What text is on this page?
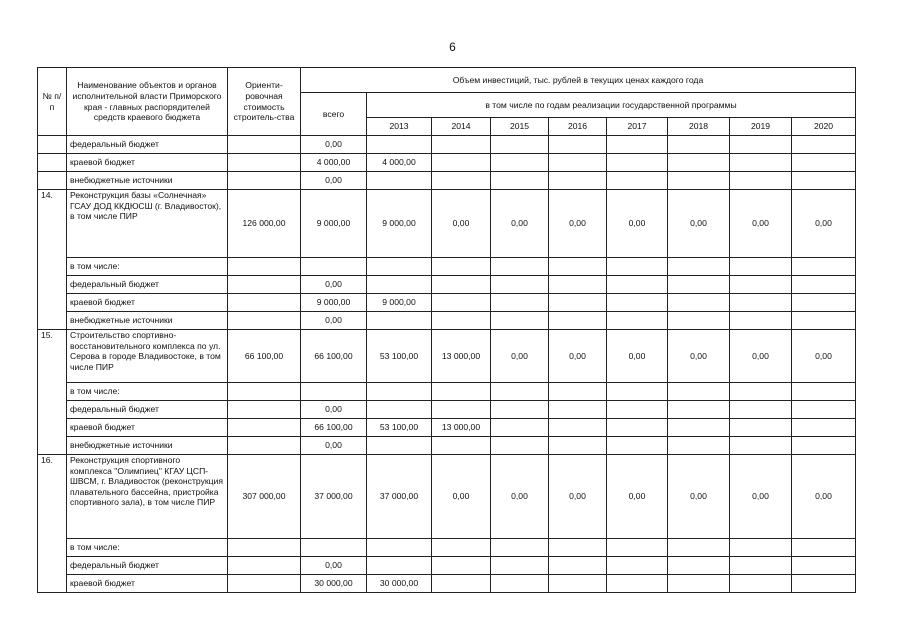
6
№ п/п	Наименование объектов и органов исполнительной власти Приморского края - главных распорядителей средств краевого бюджета	Ориенти-ровочная стоимость строитель-ства	Объем инвестиций, тыс. рублей в текущих ценах каждого года								
			всего	в том числе по годам реализации государственной программы							
				2013	2014	2015	2016	2017	2018	2019	2020
	федеральный бюджет		0,00								
	краевой бюджет		4 000,00	4 000,00							
	внебюджетные источники		0,00								
14.	Реконструкция базы «Солнечная» ГСАУ ДОД ККДЮСШ (г. Владивосток), в том числе ПИР	126 000,00	9 000,00	9 000,00	0,00	0,00	0,00	0,00	0,00	0,00	0,00
	в том числе:										
	федеральный бюджет		0,00								
	краевой бюджет		9 000,00	9 000,00							
	внебюджетные источники		0,00								
15.	Строительство спортивно-восстановительного комплекса по ул. Серова в городе Владивостоке, в том числе ПИР	66 100,00	66 100,00	53 100,00	13 000,00	0,00	0,00	0,00	0,00	0,00	0,00
	в том числе:										
	федеральный бюджет		0,00								
	краевой бюджет		66 100,00	53 100,00	13 000,00						
	внебюджетные источники		0,00								
16.	Реконструкция спортивного комплекса "Олимпиец" КГАУ ЦСП-ШВСМ, г. Владивосток (реконструкция плавательного бассейна, пристройка спортивного зала), в том числе ПИР	307 000,00	37 000,00	37 000,00	0,00	0,00	0,00	0,00	0,00	0,00	0,00
	в том числе:										
	федеральный бюджет		0,00								
	краевой бюджет		30 000,00	30 000,00							
